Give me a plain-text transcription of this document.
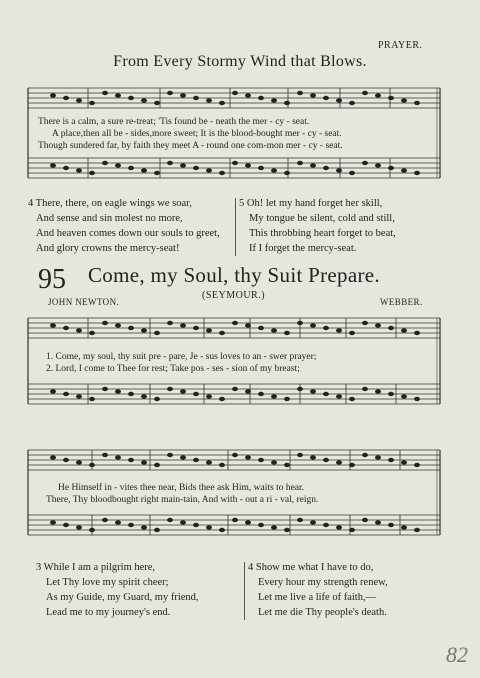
PRAYER.
From Every Stormy Wind that Blows.
There is a calm, a sure re-treat; 'Tis found be - neath the mer - cy - seat.
A place,then all be - sides,more sweet; It is the blood-bought mer - cy - seat.
Though sundered far, by faith they meet A - round one com-mon mer - cy - seat.
4 There, there, on eagle wings we soar,
And sense and sin molest no more,
And heaven comes down our souls to greet,
And glory crowns the mercy-seat!
5 Oh! let my hand forget her skill,
My tongue be silent, cold and still,
This throbbing heart forget to beat,
If I forget the mercy-seat.
95 Come, my Soul, thy Suit Prepare.
(SEYMOUR.)
JOHN NEWTON.	WEBBER.
1. Come, my soul, thy suit pre - pare, Je - sus loves to an - swer prayer;
2. Lord, I come to Thee for rest; Take pos - ses - sion of my breast;
He Himself in - vites thee near, Bids thee ask Him, waits to hear.
There, Thy bloodbought right main-tain, And with - out a ri - val, reign.
3 While I am a pilgrim here,
Let Thy love my spirit cheer;
As my Guide, my Guard, my friend,
Lead me to my journey's end.
4 Show me what I have to do,
Every hour my strength renew,
Let me live a life of faith,—
Let me die Thy people's death.
82
